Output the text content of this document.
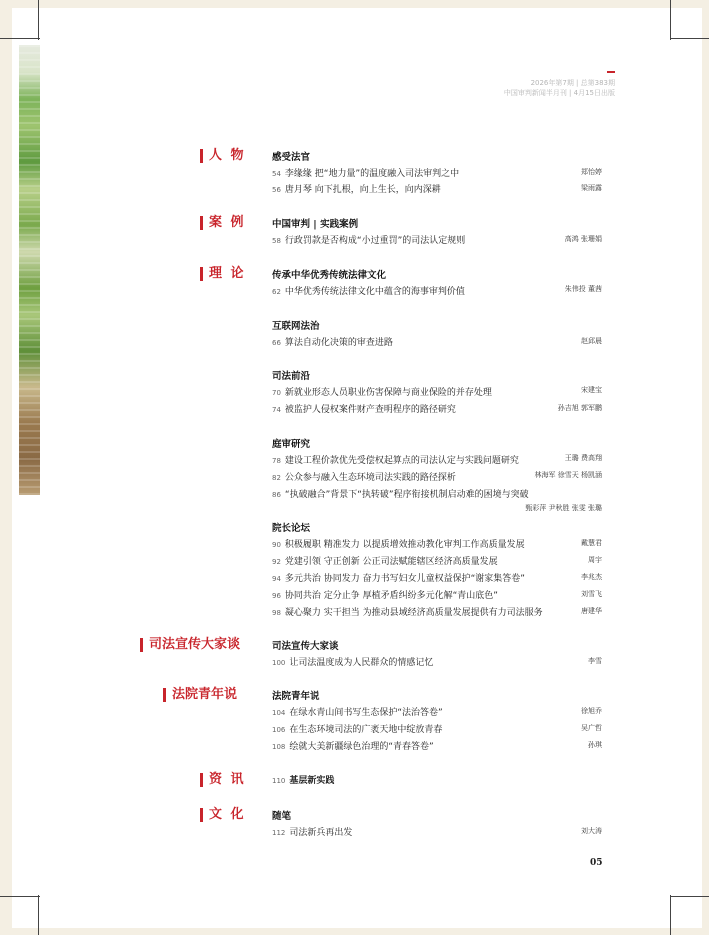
2026年第7期 | 总第383期
中国审判新闻半月刊 | 4月15日出版
人 物
案 例
理 论
司法宣传大家谈
法院青年说
资 讯
文 化
感受法官
54 李缘缘 把“地力量”的温度融入司法审判之中	郑怡婷
56 唐月琴 向下扎根，向上生长，向内深耕	梁雨露
中国审判 | 实践案例
58 行政罚款是否构成“小过重罚”的司法认定规则	高鸿 张珊娟
传承中华优秀传统法律文化
62 中华优秀传统法律文化中蕴含的海事审判价值	朱伟投 董茜
互联网法治
66 算法自动化决策的审查进路	赵邱晨
司法前沿
70 新就业形态人员职业伤害保障与商业保险的并存处理	宋建宝
74 被监护人侵权案件财产查明程序的路径研究	孙吉旭 郭军鹏
庭审研究
78 建设工程价款优先受偿权起算点的司法认定与实践问题研究	王璐 费高翔
82 公众参与融入生态环境司法实践的路径探析	林海军 徐雪天 杨凯涵
86 “执破融合”背景下“执转破”程序衔接机制启动难的困境与突破
甄彩萍 尹秋胜 张雯 张璐
院长论坛
90 积极履职 精准发力 以提质增效推动教化审判工作高质量发展	戴慧君
92 党建引领 守正创新 公正司法赋能辖区经济高质量发展	周宇
94 多元共治 协同发力 奋力书写妇女儿童权益保护“谢家集答卷”	李兆杰
96 协同共治 定分止争 厚植矛盾纠纷多元化解“青山底色”	刘雪飞
98 凝心聚力 实干担当 为推动县域经济高质量发展提供有力司法服务	唐建华
司法宣传大家谈
100 让司法温度成为人民群众的情感记忆	李雪
法院青年说
104 在绿水青山间书写生态保护“法治答卷”	徐旭乔
106 在生态环境司法的广袤天地中绽放青春	吴广哲
108 绘就大美新疆绿色治理的“青春答卷”	孙琪
110 基层新实践
随笔
112 司法新兵再出发	刘大涛
05
